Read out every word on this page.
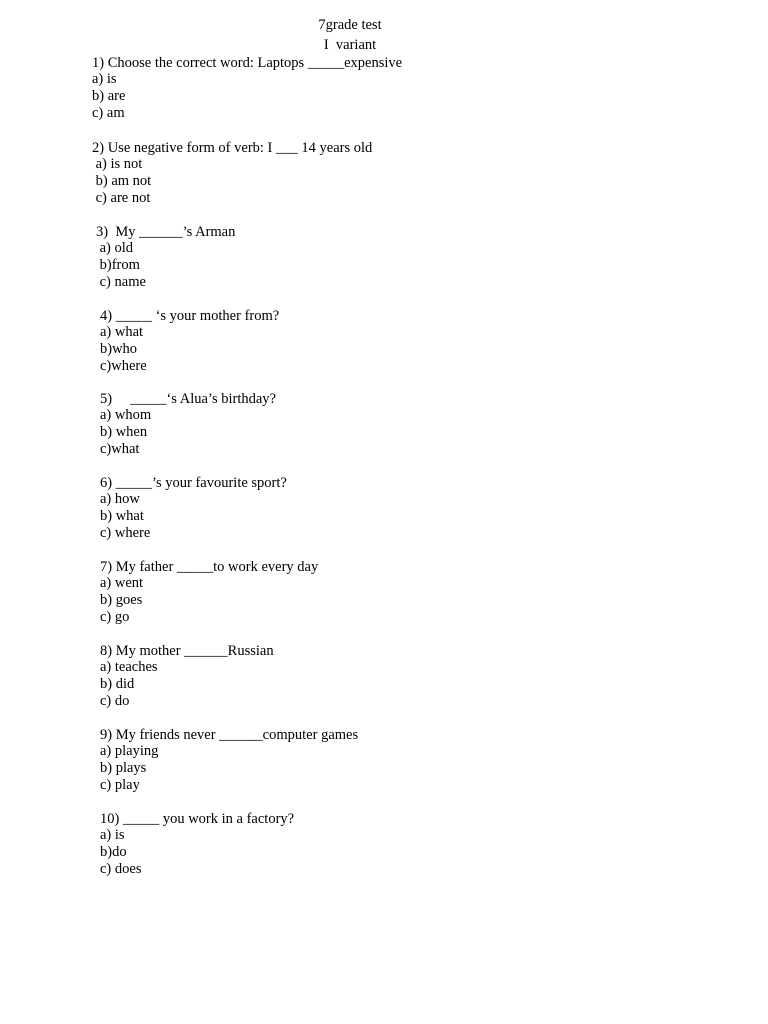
7grade test
I  variant
1) Choose the correct word: Laptops _____expensive
a) is
b) are
c) am
2) Use negative form of verb: I ___ 14 years old
a) is not
b) am not
c) are not
3)  My ______’s Arman
a) old
b)from
c) name
4) _____ ‘s your mother from?
a) what
b)who
c)where
5)     _____‘s Alua’s birthday?
a) whom
b) when
c)what
6) _____’s your favourite sport?
a) how
b) what
c) where
7) My father _____to work every day
a) went
b) goes
c) go
8) My mother ______Russian
a) teaches
b) did
c) do
9) My friends never ______computer games
a) playing
b) plays
c) play
10) _____ you work in a factory?
a) is
b)do
c) does
